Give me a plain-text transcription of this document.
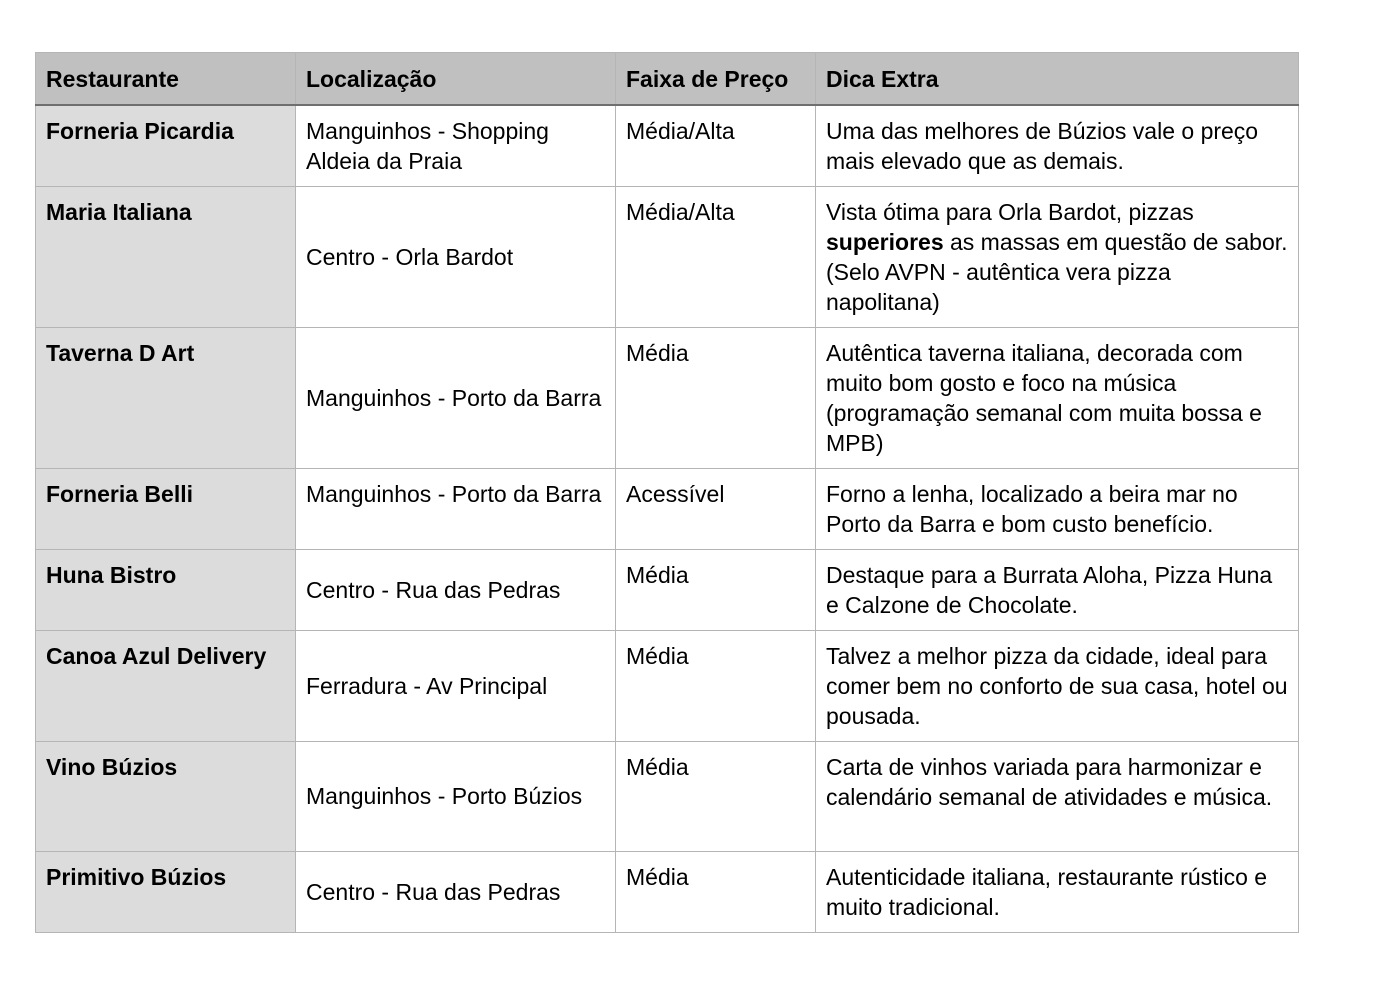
Restaurante	Localização	Faixa de Preço	Dica Extra
Forneria Picardia	Manguinhos - Shopping Aldeia da Praia	Média/Alta	Uma das melhores de Búzios vale o preço mais elevado que as demais.
Maria Italiana	Centro - Orla Bardot	Média/Alta	Vista ótima para Orla Bardot, pizzas superiores as massas em questão de sabor. (Selo AVPN - autêntica vera pizza napolitana)
Taverna D Art	Manguinhos - Porto da Barra	Média	Autêntica taverna italiana, decorada com muito bom gosto e foco na música (programação semanal com muita bossa e MPB)
Forneria Belli	Manguinhos - Porto da Barra	Acessível	Forno a lenha, localizado a beira mar no Porto da Barra e bom custo benefício.
Huna Bistro	Centro - Rua das Pedras	Média	Destaque para a Burrata Aloha, Pizza Huna e Calzone de Chocolate.
Canoa Azul Delivery	Ferradura - Av Principal	Média	Talvez a melhor pizza da cidade, ideal para comer bem no conforto de sua casa, hotel ou pousada.
Vino Búzios	Manguinhos - Porto Búzios	Média	Carta de vinhos variada para harmonizar e calendário semanal de atividades e música.
Primitivo Búzios	Centro - Rua das Pedras	Média	Autenticidade italiana, restaurante rústico e muito tradicional.
